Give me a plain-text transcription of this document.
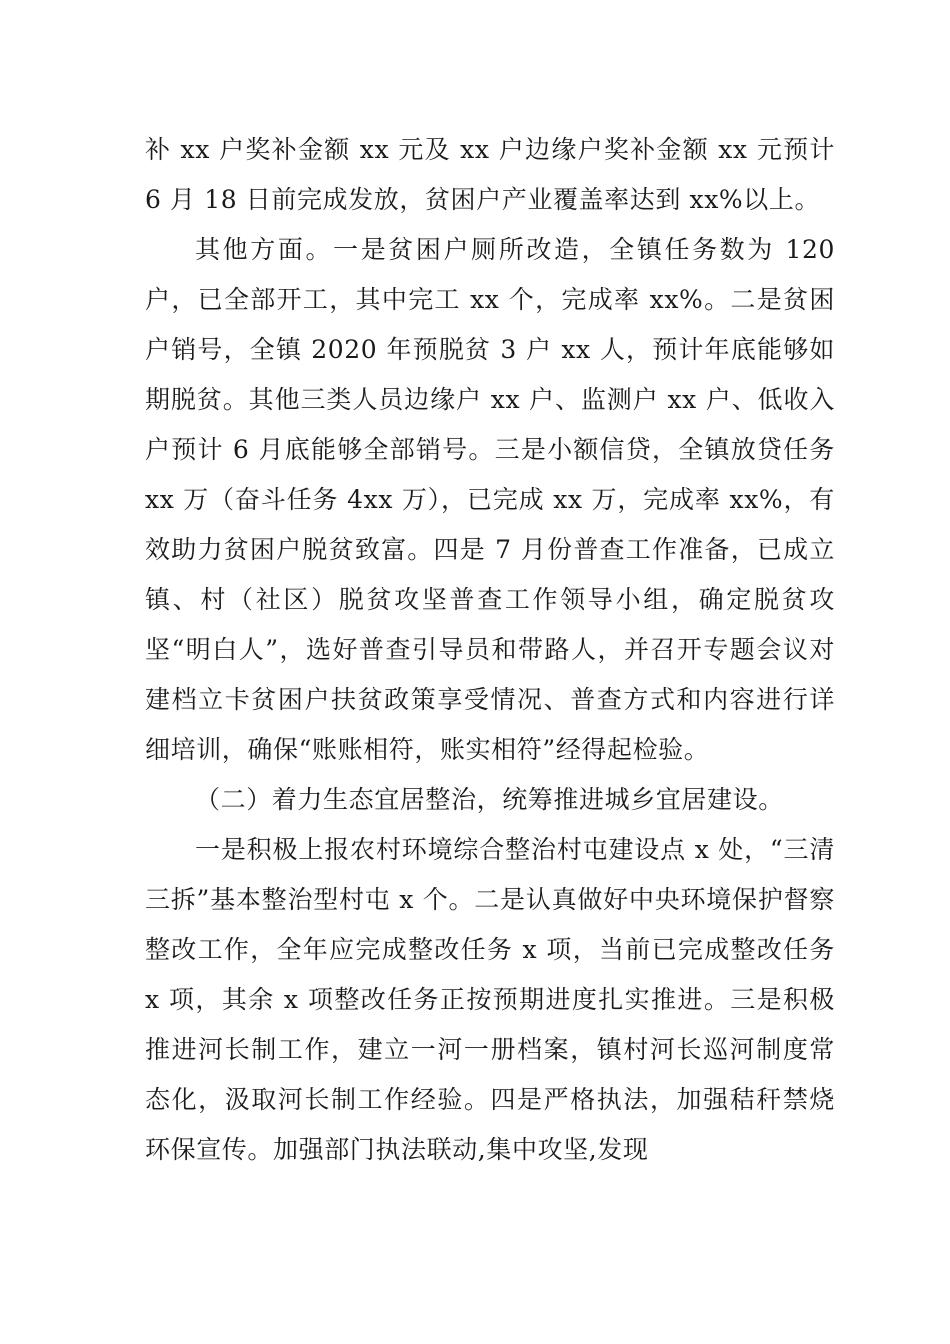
补 xx 户奖补金额 xx 元及 xx 户边缘户奖补金额 xx 元预计 6 月 18 日前完成发放，贫困户产业覆盖率达到 xx%以上。

其他方面。一是贫困户厕所改造，全镇任务数为 120 户，已全部开工，其中完工 xx 个，完成率 xx%。二是贫困户销号，全镇 2020 年预脱贫 3 户 xx 人，预计年底能够如期脱贫。其他三类人员边缘户 xx 户、监测户 xx 户、低收入户预计 6 月底能够全部销号。三是小额信贷，全镇放贷任务 xx 万（奋斗任务 4xx 万），已完成 xx 万，完成率 xx%，有效助力贫困户脱贫致富。四是 7 月份普查工作准备，已成立镇、村（社区）脱贫攻坚普查工作领导小组，确定脱贫攻坚“明白人”，选好普查引导员和带路人，并召开专题会议对建档立卡贫困户扶贫政策享受情况、普查方式和内容进行详细培训，确保“账账相符，账实相符”经得起检验。

（二）着力生态宜居整治，统筹推进城乡宜居建设。

一是积极上报农村环境综合整治村屯建设点 x 处，“三清三拆”基本整治型村屯 x 个。二是认真做好中央环境保护督察整改工作，全年应完成整改任务 x 项，当前已完成整改任务 x 项，其余 x 项整改任务正按预期进度扎实推进。三是积极推进河长制工作，建立一河一册档案，镇村河长巡河制度常态化，汲取河长制工作经验。四是严格执法，加强秸秆禁烧环保宣传。加强部门执法联动,集中攻坚,发现
